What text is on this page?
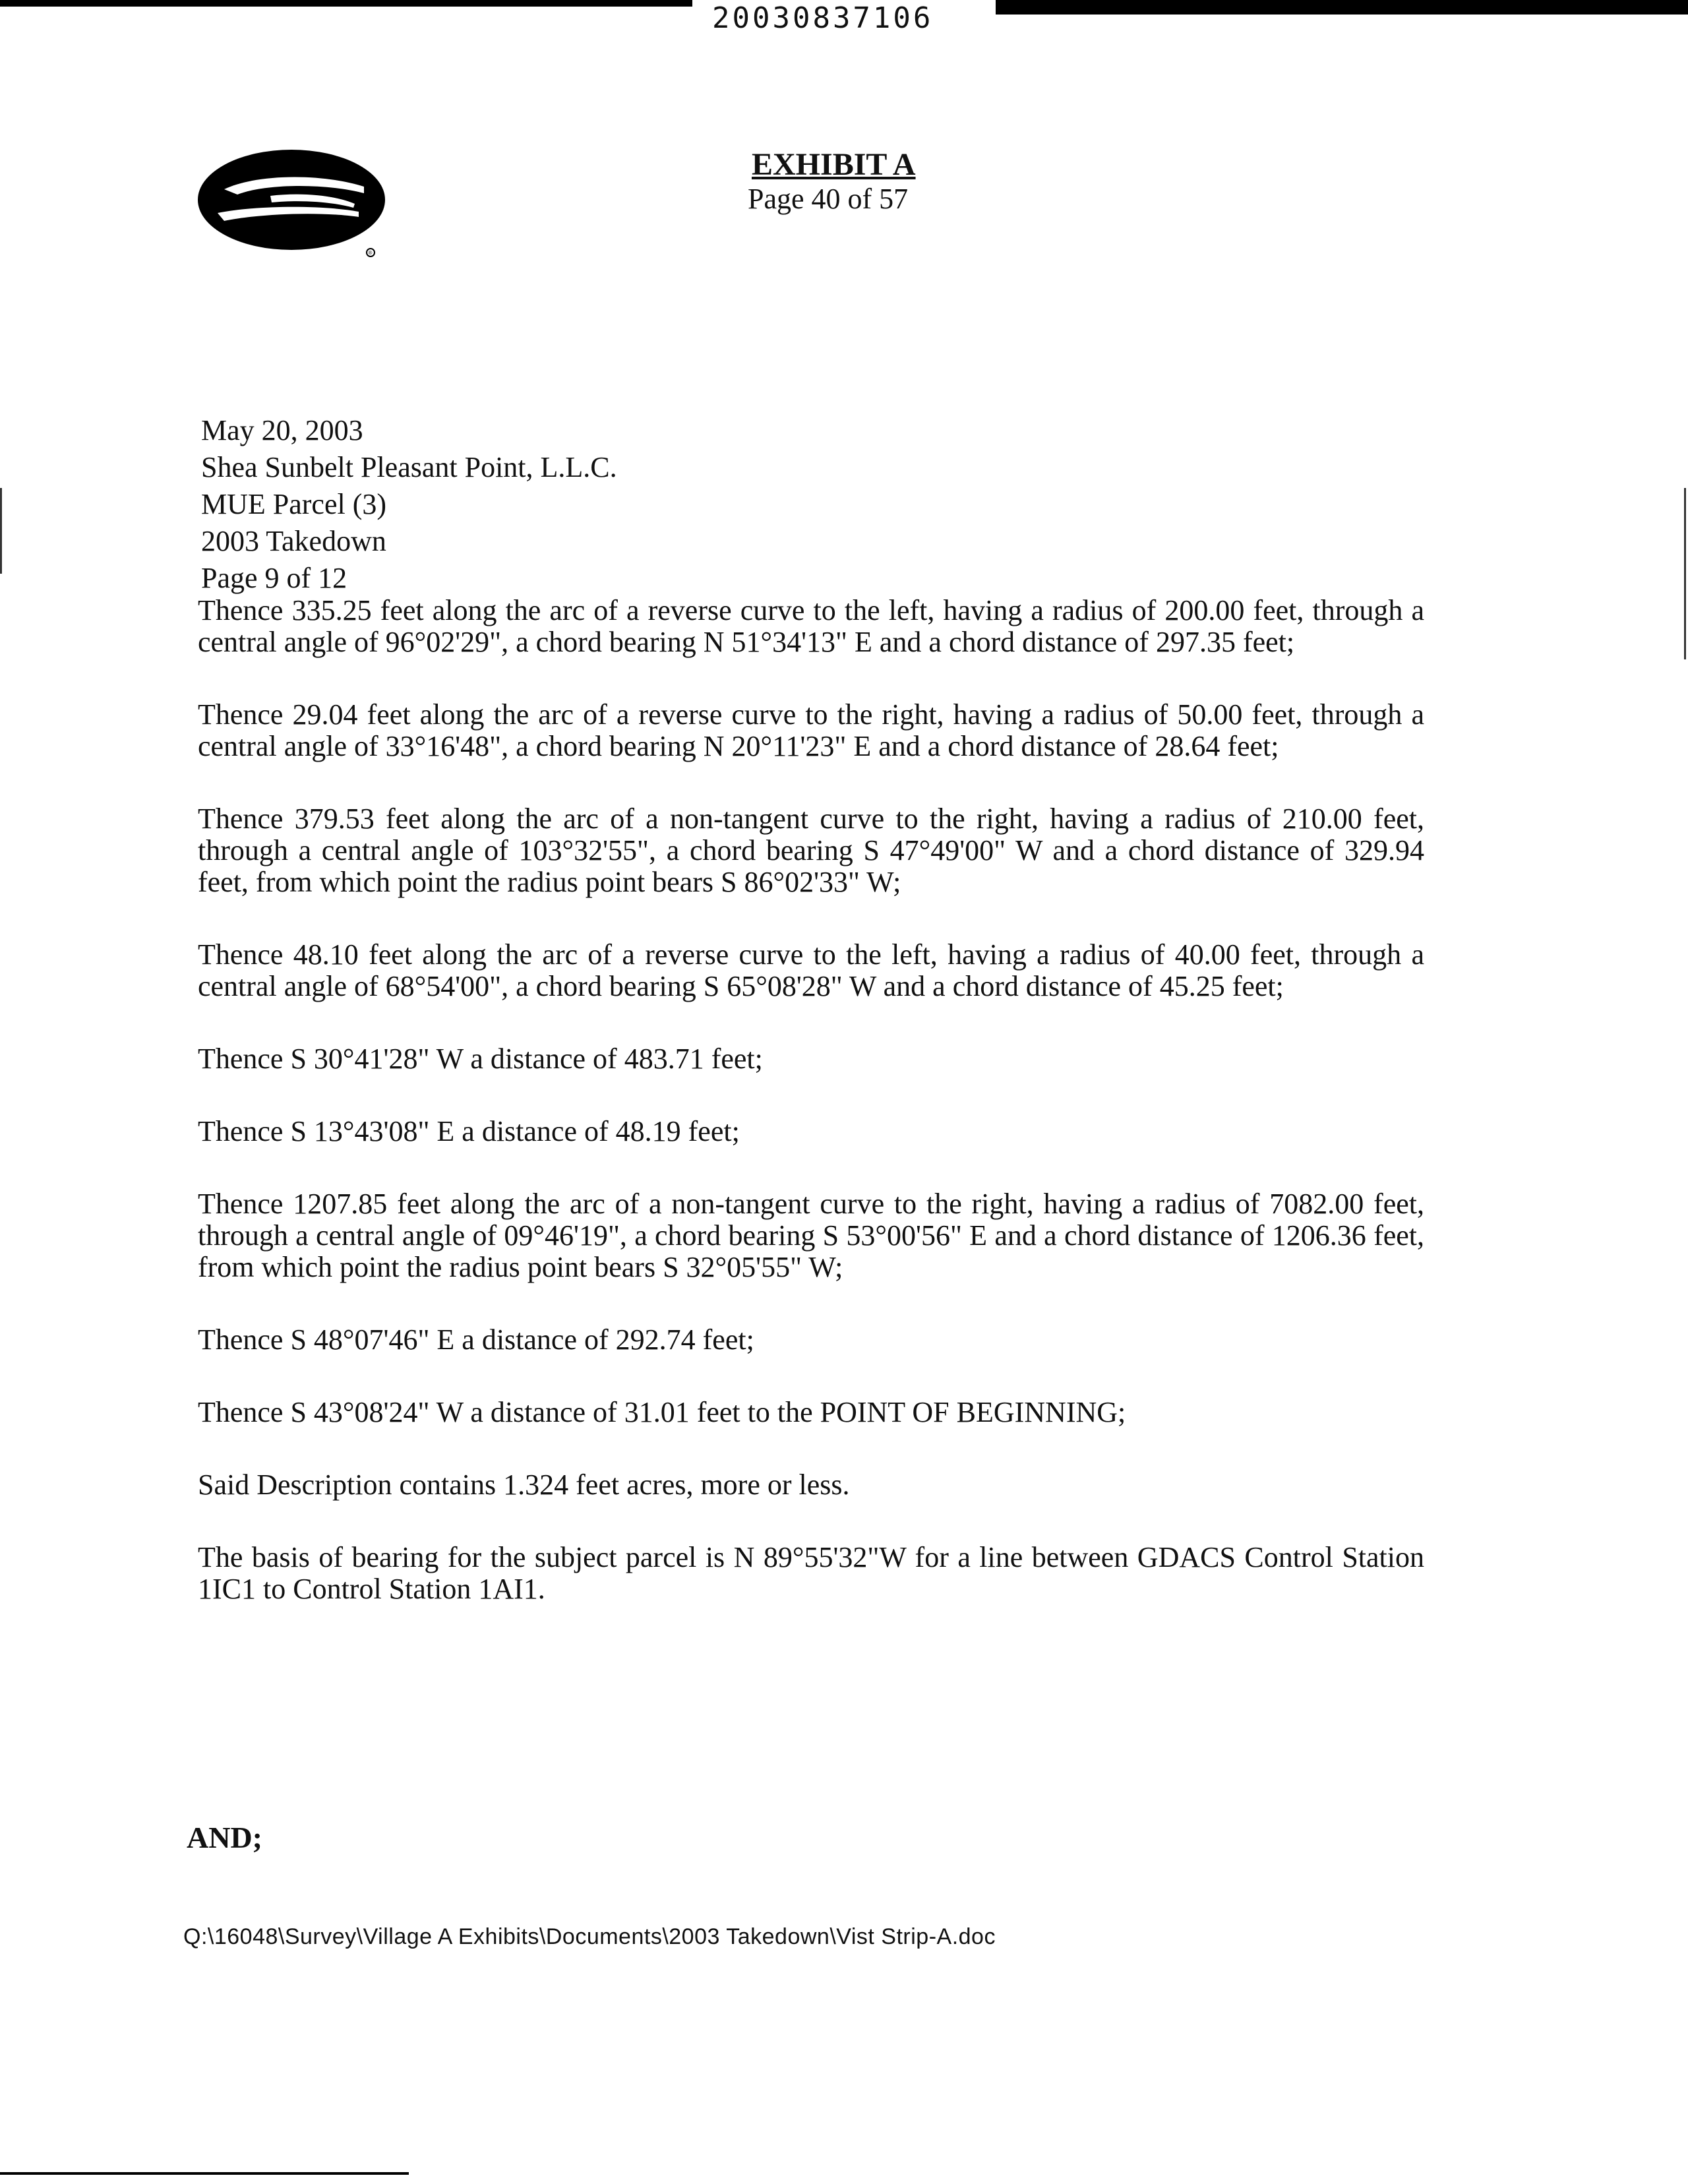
20030837106
®
EXHIBIT A
Page 40 of 57
May 20, 2003
Shea Sunbelt Pleasant Point, L.L.C.
MUE Parcel (3)
2003 Takedown
Page 9 of 12

Thence 335.25 feet along the arc of a reverse curve to the left, having a radius of 200.00 feet, through a central angle of 96°02'29", a chord bearing N 51°34'13" E and a chord distance of 297.35 feet;

Thence 29.04 feet along the arc of a reverse curve to the right, having a radius of 50.00 feet, through a central angle of 33°16'48", a chord bearing N 20°11'23" E and a chord distance of 28.64 feet;

Thence 379.53 feet along the arc of a non-tangent curve to the right, having a radius of 210.00 feet, through a central angle of 103°32'55", a chord bearing S 47°49'00" W and a chord distance of 329.94 feet, from which point the radius point bears S 86°02'33" W;

Thence 48.10 feet along the arc of a reverse curve to the left, having a radius of 40.00 feet, through a central angle of 68°54'00", a chord bearing S 65°08'28" W and a chord distance of 45.25 feet;

Thence S 30°41'28" W a distance of 483.71 feet;

Thence S 13°43'08" E a distance of 48.19 feet;

Thence 1207.85 feet along the arc of a non-tangent curve to the right, having a radius of 7082.00 feet, through a central angle of 09°46'19", a chord bearing S 53°00'56" E and a chord distance of 1206.36 feet, from which point the radius point bears S 32°05'55" W;

Thence S 48°07'46" E a distance of 292.74 feet;

Thence S 43°08'24" W a distance of 31.01 feet to the POINT OF BEGINNING;

Said Description contains 1.324 feet acres, more or less.

The basis of bearing for the subject parcel is N 89°55'32"W for a line between GDACS Control Station 1IC1 to Control Station 1AI1.

AND;
Q:\16048\Survey\Village A Exhibits\Documents\2003 Takedown\Vist Strip-A.doc
